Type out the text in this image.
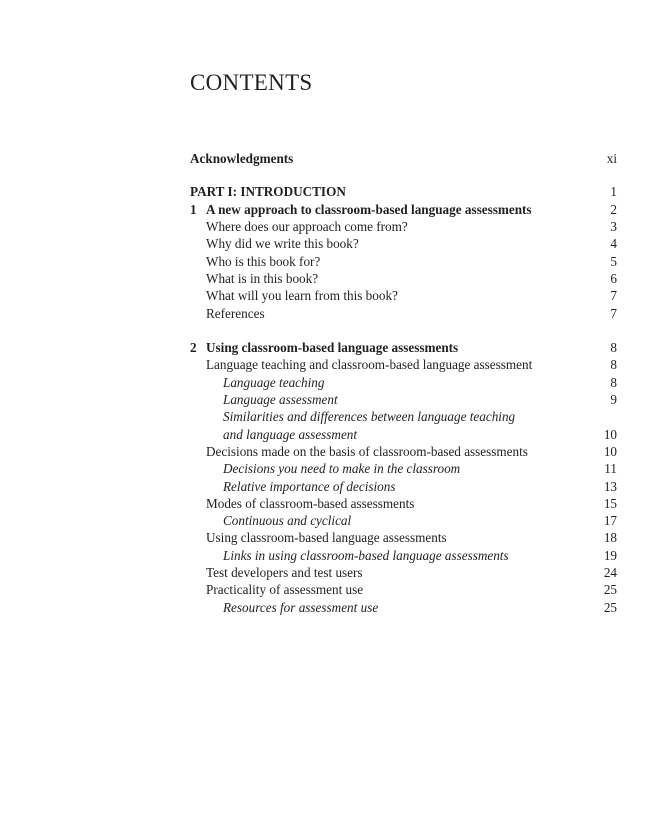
CONTENTS
Acknowledgments	xi
PART I: INTRODUCTION	1
1 A new approach to classroom-based language assessments	2
Where does our approach come from?	3
Why did we write this book?	4
Who is this book for?	5
What is in this book?	6
What will you learn from this book?	7
References	7
2 Using classroom-based language assessments	8
Language teaching and classroom-based language assessment	8
Language teaching	8
Language assessment	9
Similarities and differences between language teaching
and language assessment	10
Decisions made on the basis of classroom-based assessments	10
Decisions you need to make in the classroom	11
Relative importance of decisions	13
Modes of classroom-based assessments	15
Continuous and cyclical	17
Using classroom-based language assessments	18
Links in using classroom-based language assessments	19
Test developers and test users	24
Practicality of assessment use	25
Resources for assessment use	25
